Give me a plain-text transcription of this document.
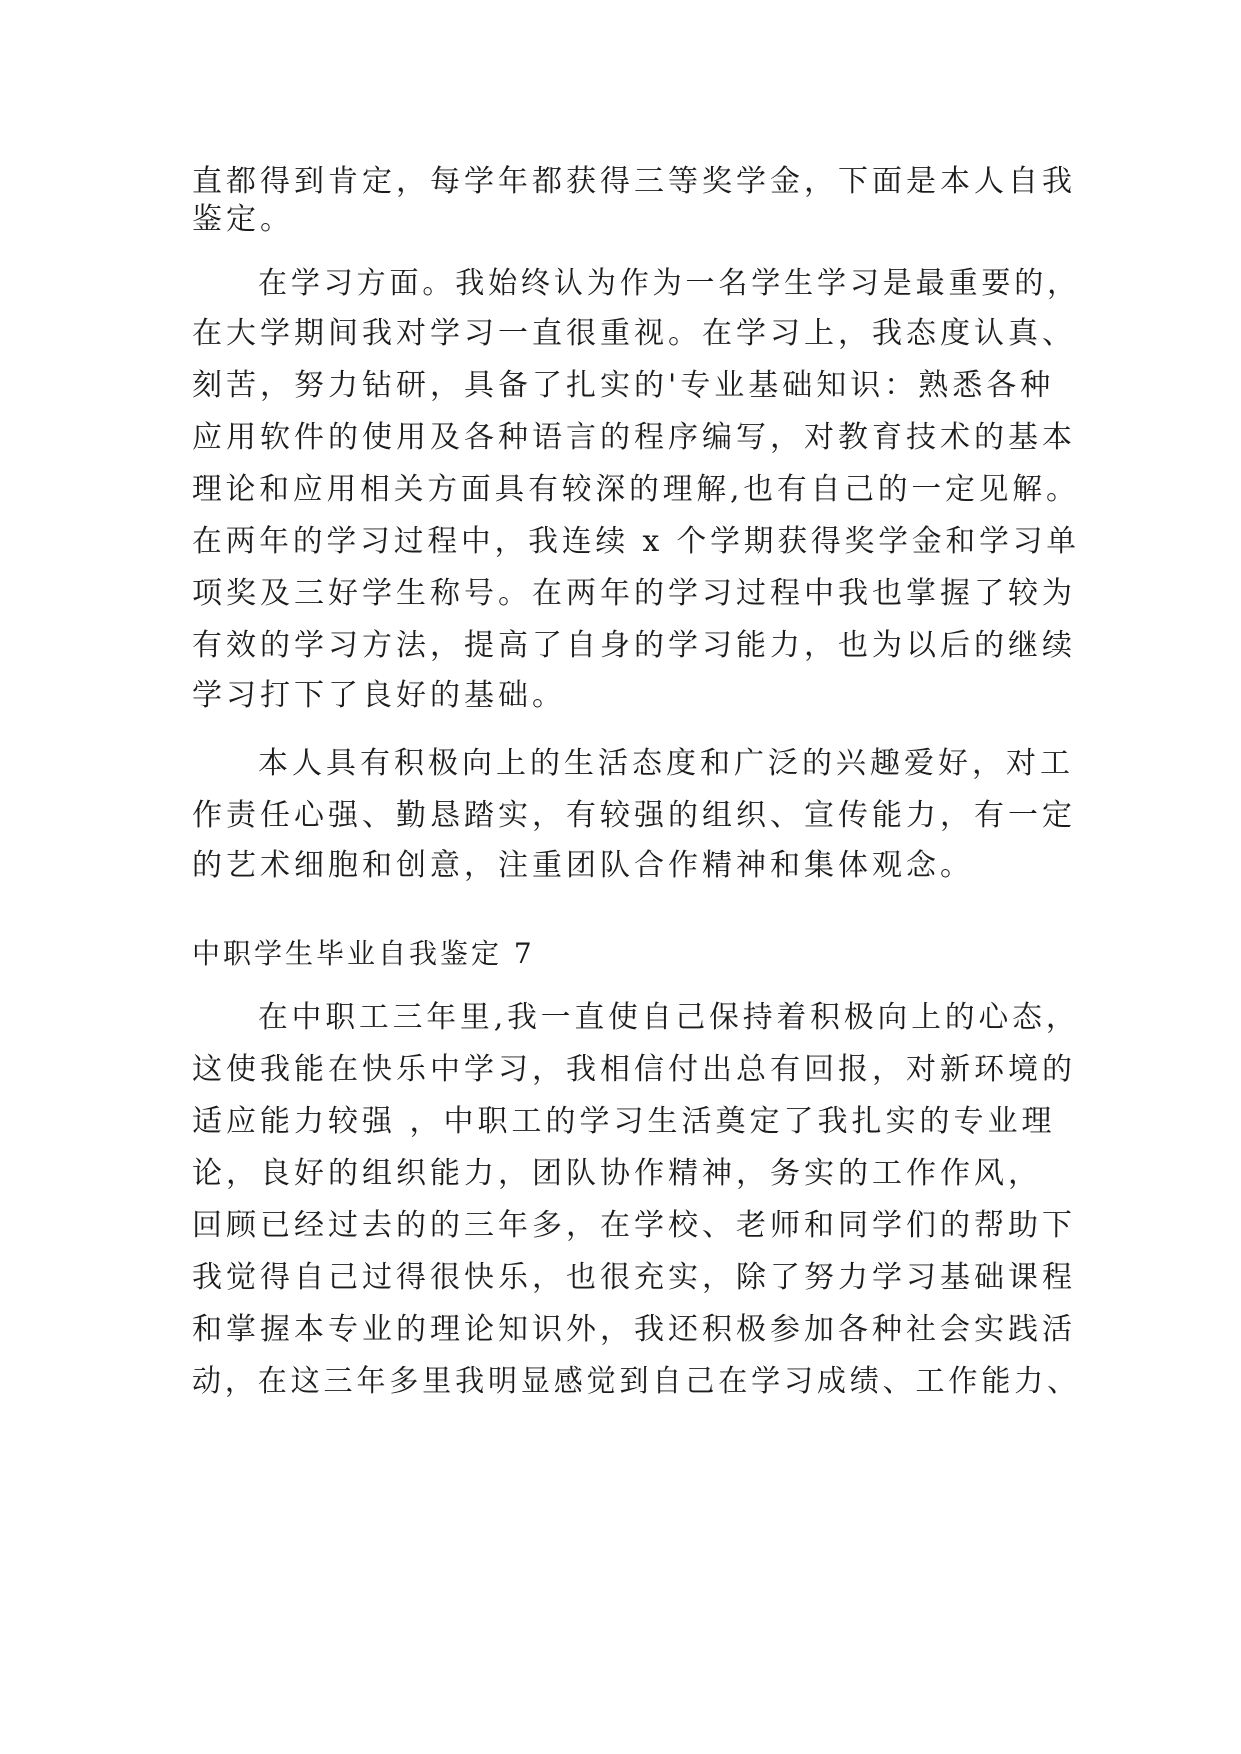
直都得到肯定，每学年都获得三等奖学金，下面是本人自我
鉴定。
在学习方面。我始终认为作为一名学生学习是最重要的，
在大学期间我对学习一直很重视。在学习上，我态度认真、
刻苦，努力钻研，具备了扎实的'专业基础知识：熟悉各种
应用软件的使用及各种语言的程序编写，对教育技术的基本
理论和应用相关方面具有较深的理解,也有自己的一定见解。
在两年的学习过程中，我连续 x 个学期获得奖学金和学习单
项奖及三好学生称号。在两年的学习过程中我也掌握了较为
有效的学习方法，提高了自身的学习能力，也为以后的继续
学习打下了良好的基础。
本人具有积极向上的生活态度和广泛的兴趣爱好，对工
作责任心强、勤恳踏实，有较强的组织、宣传能力，有一定
的艺术细胞和创意，注重团队合作精神和集体观念。
中职学生毕业自我鉴定 7
在中职工三年里,我一直使自己保持着积极向上的心态，
这使我能在快乐中学习，我相信付出总有回报，对新环境的
适应能力较强 ，中职工的学习生活奠定了我扎实的专业理
论，良好的组织能力，团队协作精神，务实的工作作风，
回顾已经过去的的三年多，在学校、老师和同学们的帮助下
我觉得自己过得很快乐，也很充实，除了努力学习基础课程
和掌握本专业的理论知识外，我还积极参加各种社会实践活
动，在这三年多里我明显感觉到自己在学习成绩、工作能力、
